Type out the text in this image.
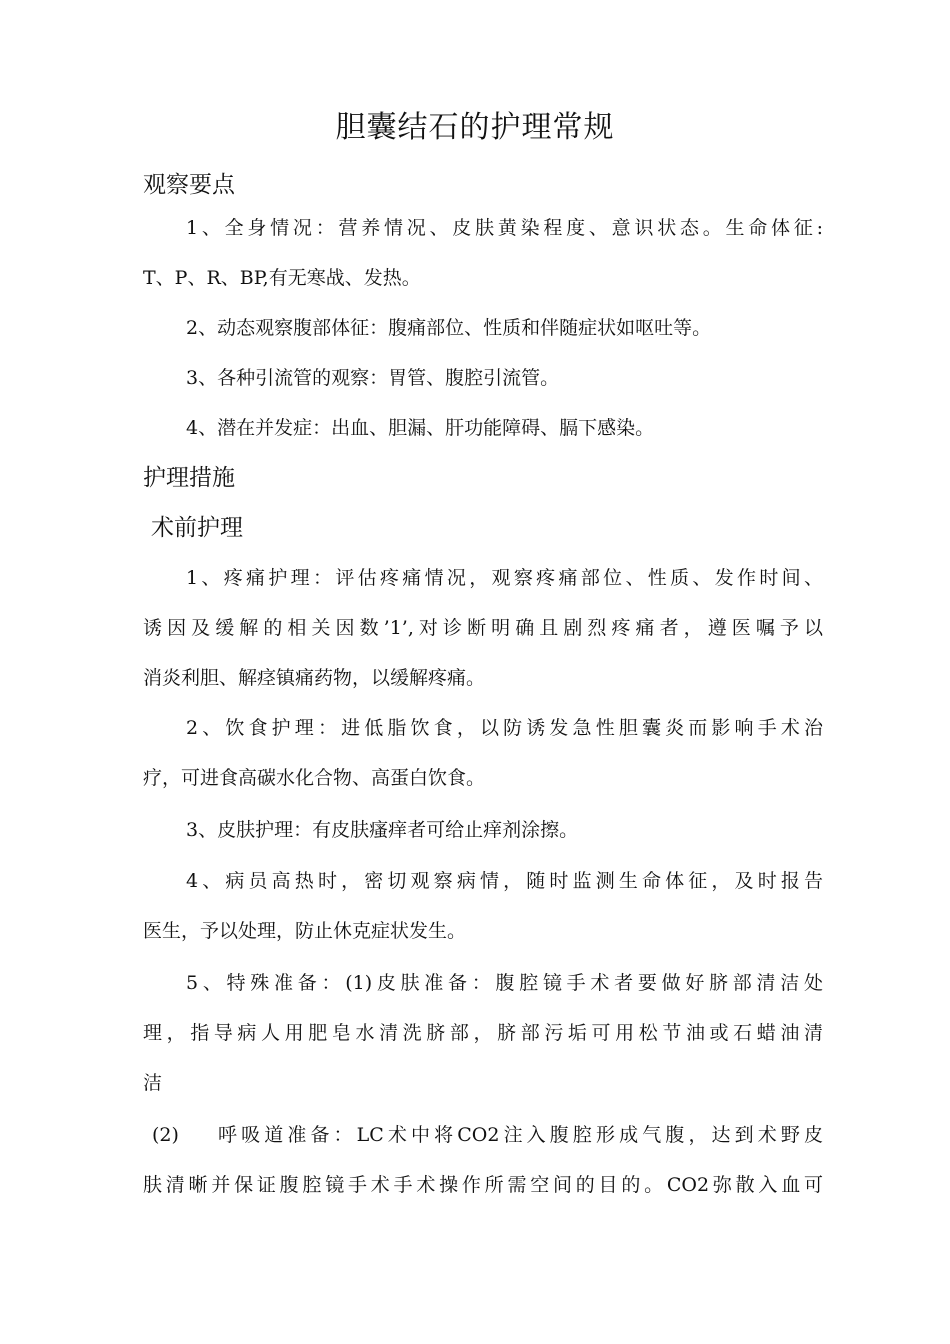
胆囊结石的护理常规
观察要点
1、全身情况：营养情况、皮肤黄染程度、意识状态。生命体征:
T、P、R、BP,有无寒战、发热。
2、动态观察腹部体征：腹痛部位、性质和伴随症状如呕吐等。
3、各种引流管的观察：胃管、腹腔引流管。
4、潜在并发症：出血、胆漏、肝功能障碍、膈下感染。
护理措施
术前护理
1、疼痛护理：评估疼痛情况，观察疼痛部位、性质、发作时间、
诱因及缓解的相关因数’1’,对诊断明确且剧烈疼痛者，遵医嘱予以
消炎利胆、解痉镇痛药物，以缓解疼痛。
2、饮食护理：进低脂饮食，以防诱发急性胆囊炎而影响手术治
疗，可进食高碳水化合物、高蛋白饮食。
3、皮肤护理：有皮肤瘙痒者可给止痒剂涂擦。
4、病员高热时，密切观察病情，随时监测生命体征，及时报告
医生，予以处理，防止休克症状发生。
5、特殊准备：(1)皮肤准备：腹腔镜手术者要做好脐部清洁处
理，指导病人用肥皂水清洗脐部，脐部污垢可用松节油或石蜡油清
洁
(2) 呼吸道准备：LC术中将CO2注入腹腔形成气腹，达到术野皮
肤清晰并保证腹腔镜手术手术操作所需空间的目的。CO2弥散入血可
